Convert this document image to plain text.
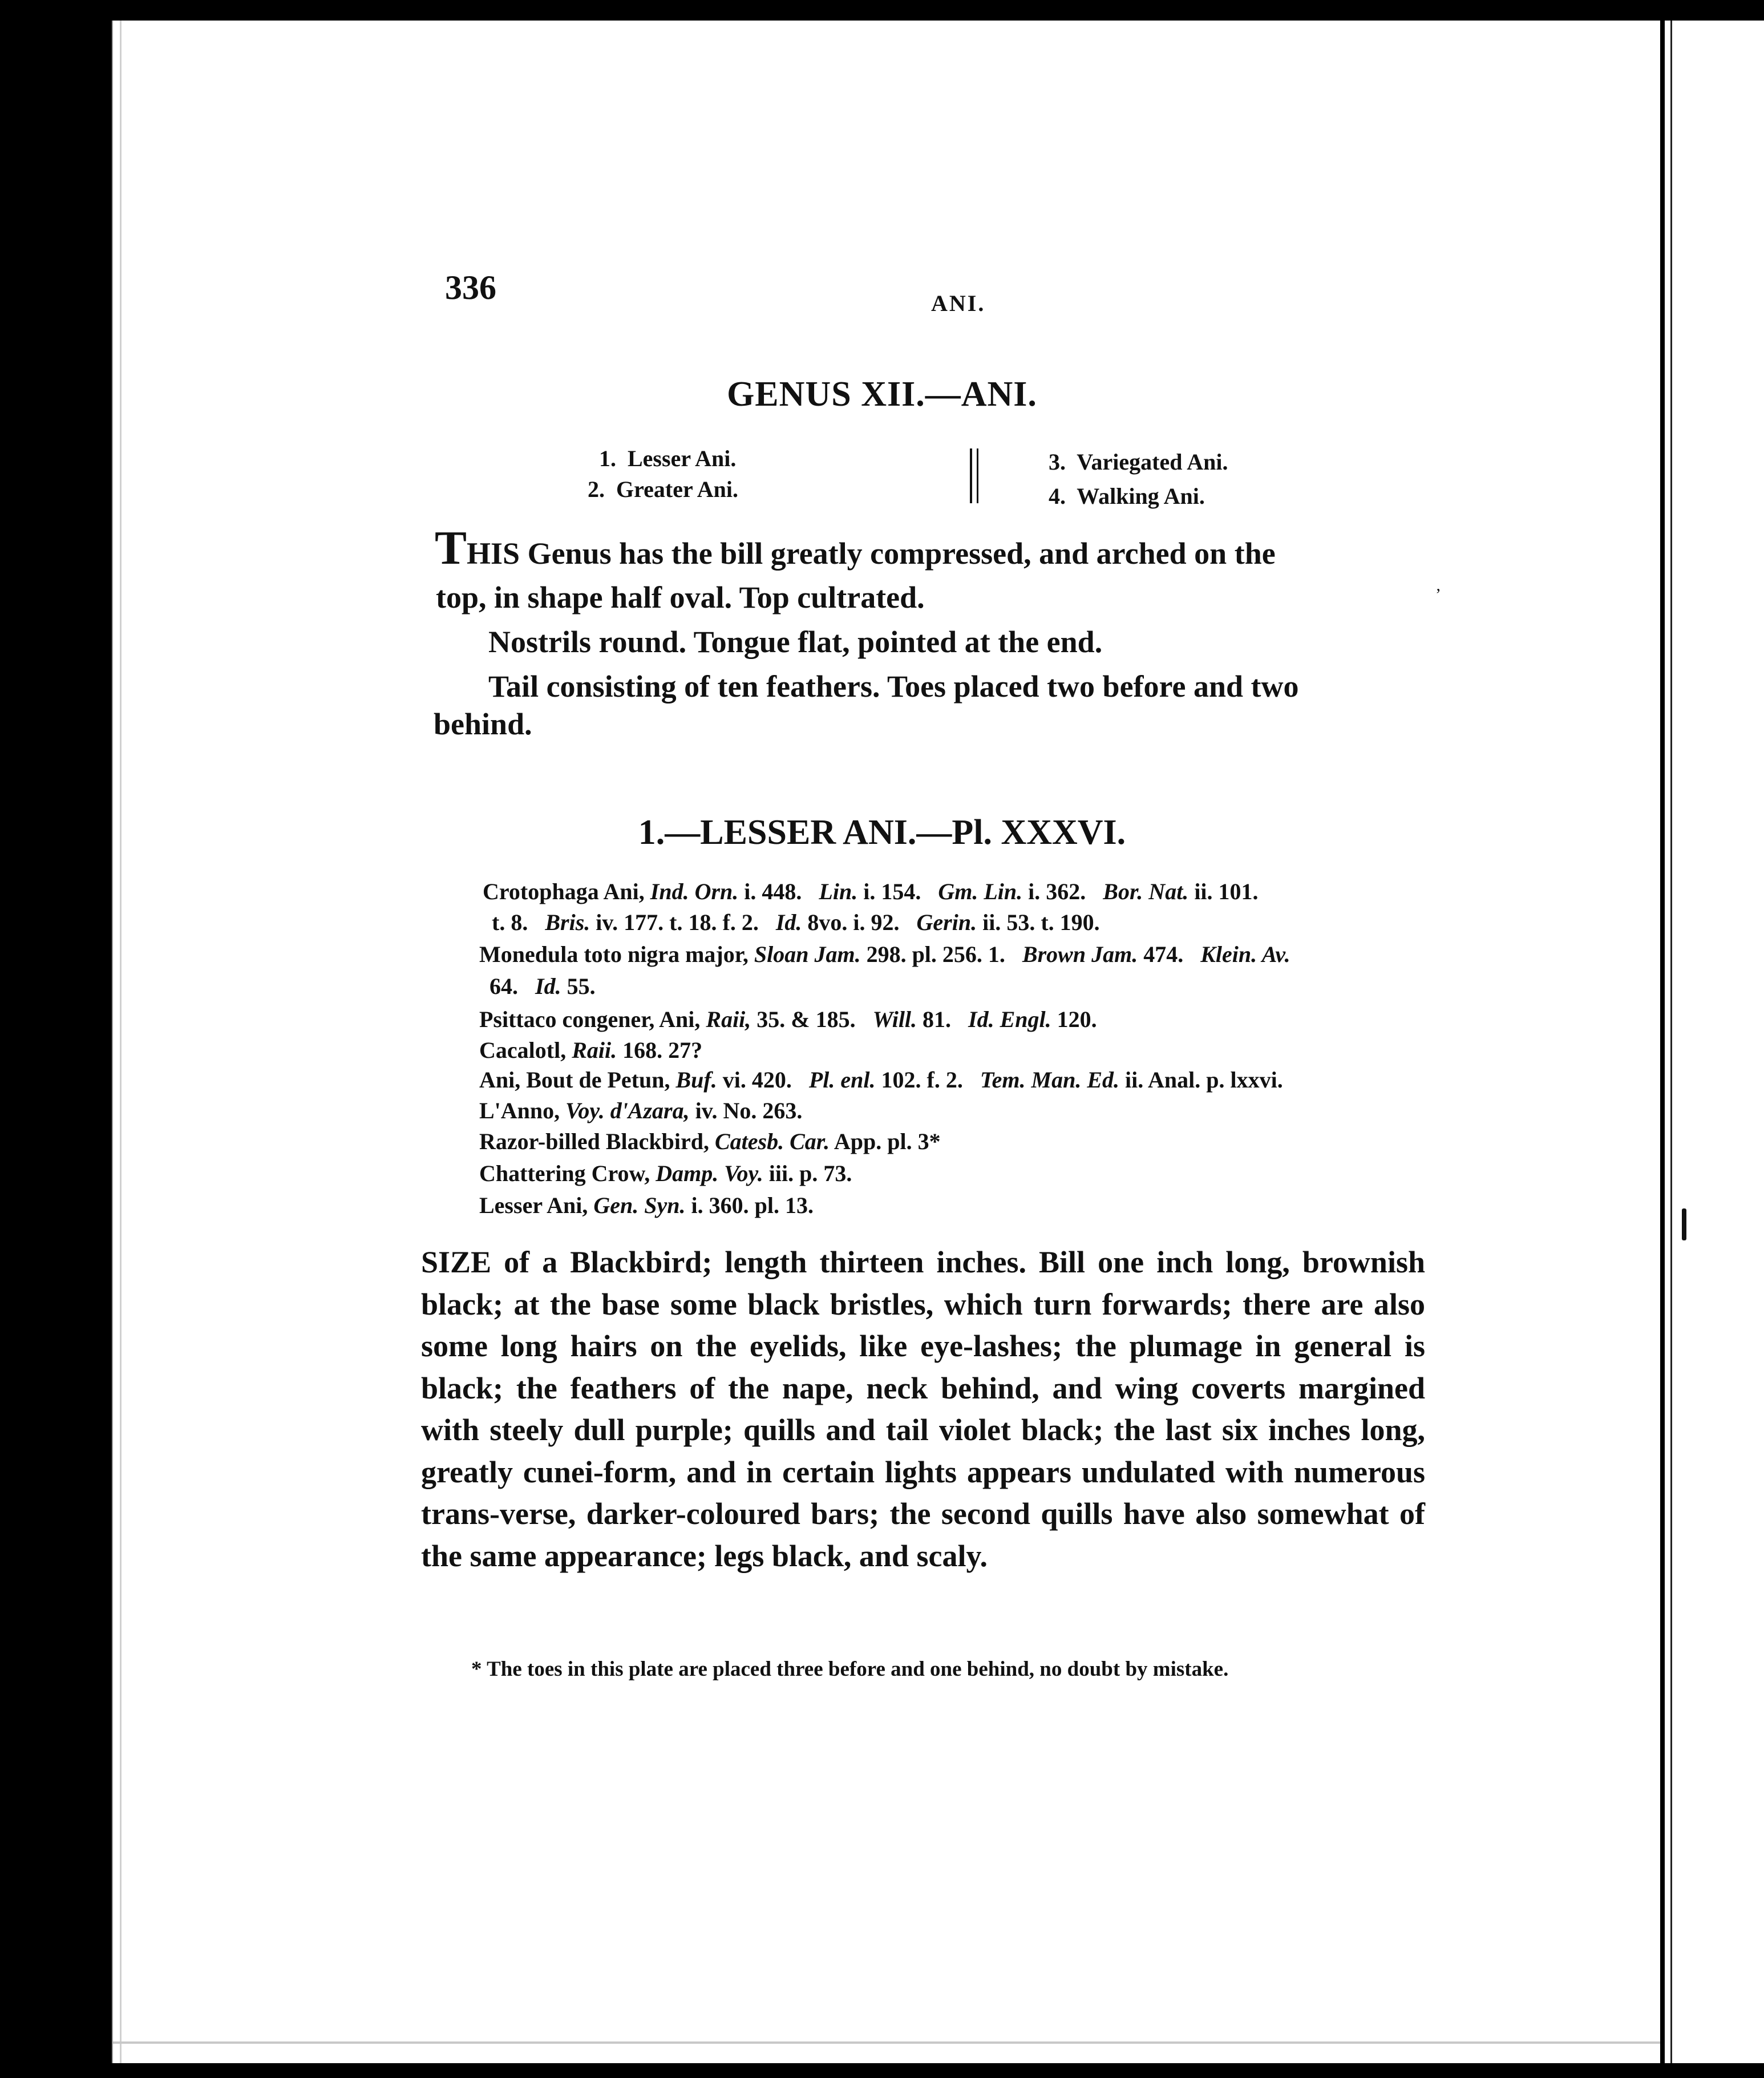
336	ANI.
GENUS XII.—ANI.
1. Lesser Ani.
2. Greater Ani.
3. Variegated Ani.
4. Walking Ani.
THIS Genus has the bill greatly compressed, and arched on the
top, in shape half oval. Top cultrated.
Nostrils round. Tongue flat, pointed at the end.
Tail consisting of ten feathers. Toes placed two before and two
behind.
ʼ
1.—LESSER ANI.—Pl. XXXVI.
Crotophaga Ani, Ind. Orn. i. 448.   Lin. i. 154.   Gm. Lin. i. 362.   Bor. Nat. ii. 101.
t. 8.   Bris. iv. 177. t. 18. f. 2.   Id. 8vo. i. 92.   Gerin. ii. 53. t. 190.
Monedula toto nigra major, Sloan Jam. 298. pl. 256. 1.   Brown Jam. 474.   Klein. Av.
64.   Id. 55.
Psittaco congener, Ani, Raii, 35. & 185.   Will. 81.   Id. Engl. 120.
Cacalotl, Raii. 168. 27?
Ani, Bout de Petun, Buf. vi. 420.   Pl. enl. 102. f. 2.   Tem. Man. Ed. ii. Anal. p. lxxvi.
L'Anno, Voy. d'Azara, iv. No. 263.
Razor-billed Blackbird, Catesb. Car. App. pl. 3*
Chattering Crow, Damp. Voy. iii. p. 73.
Lesser Ani, Gen. Syn. i. 360. pl. 13.
SIZE of a Blackbird; length thirteen inches. Bill one inch long, brownish black; at the base some black bristles, which turn forwards; there are also some long hairs on the eyelids, like eye-lashes; the plumage in general is black; the feathers of the nape, neck behind, and wing coverts margined with steely dull purple; quills and tail violet black; the last six inches long, greatly cunei-form, and in certain lights appears undulated with numerous trans-verse, darker-coloured bars; the second quills have also somewhat of the same appearance; legs black, and scaly.
* The toes in this plate are placed three before and one behind, no doubt by mistake.
